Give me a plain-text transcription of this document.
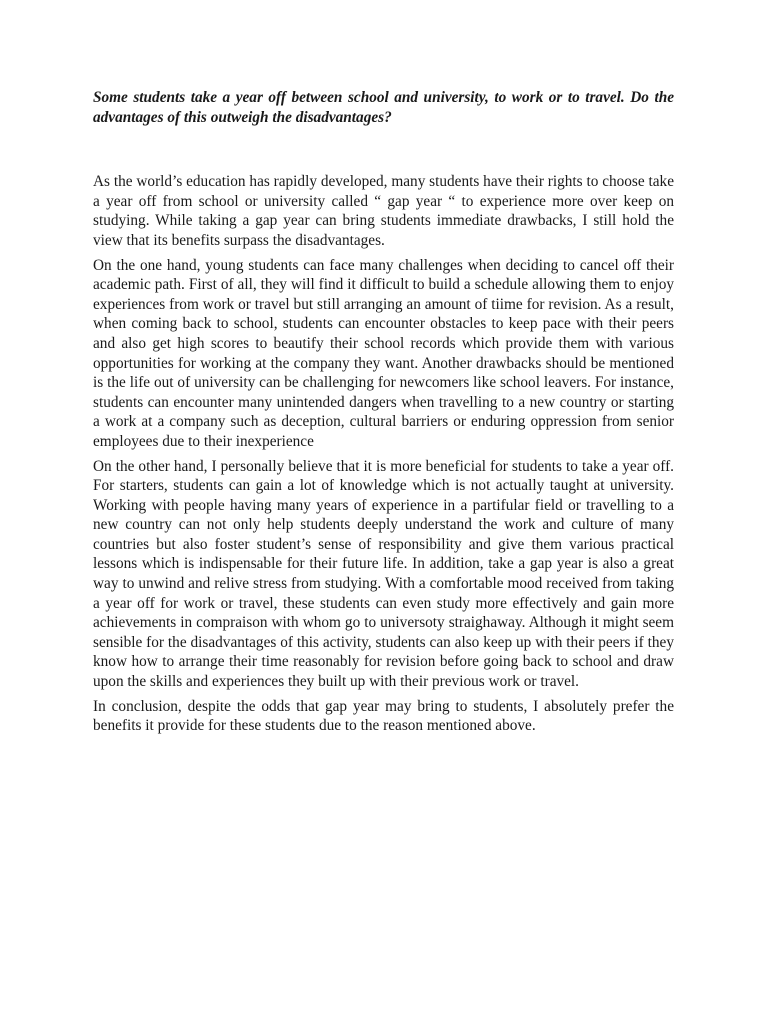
Some students take a year off between school and university, to work or to travel. Do the advantages of this outweigh the disadvantages?

As the world’s education has rapidly developed, many students have their rights to choose take a year off from school or university called “ gap year “ to experience more over keep on studying. While taking a gap year can bring students immediate drawbacks, I still hold the view that its benefits surpass the disadvantages.

On the one hand, young students can face many challenges when deciding to cancel off their academic path. First of all, they will find it difficult to build a schedule allowing them to enjoy experiences from work or travel but still arranging an amount of tiime for revision. As a result, when coming back to school, students can encounter obstacles to keep pace with their peers and also get high scores to beautify their school records which provide them with various opportunities for working at the company they want. Another drawbacks should be mentioned is the life out of university can be challenging for newcomers like school leavers. For instance, students can encounter many unintended dangers when travelling to a new country or starting a work at a company such as deception, cultural barriers or enduring oppression from senior employees due to their inexperience

On the other hand, I personally believe that it is more beneficial for students to take a year off. For starters, students can gain a lot of knowledge which is not actually taught at university. Working with people having many years of experience in a partifular field or travelling to a new country can not only help students deeply understand the work and culture of many countries but also foster student’s sense of responsibility and give them various practical lessons which is indispensable for their future life. In addition, take a gap year is also a great way to unwind and relive stress from studying. With a comfortable mood received from taking a year off for work or travel, these students can even study more effectively and gain more achievements in compraison with whom go to universoty straighaway. Although it might seem sensible for the disadvantages of this activity, students can also keep up with their peers if they know how to arrange their time reasonably for revision before going back to school and draw upon the skills and experiences they built up with their previous work or travel.

In conclusion, despite the odds that gap year may bring to students, I absolutely prefer the benefits it provide for these students due to the reason mentioned above.
